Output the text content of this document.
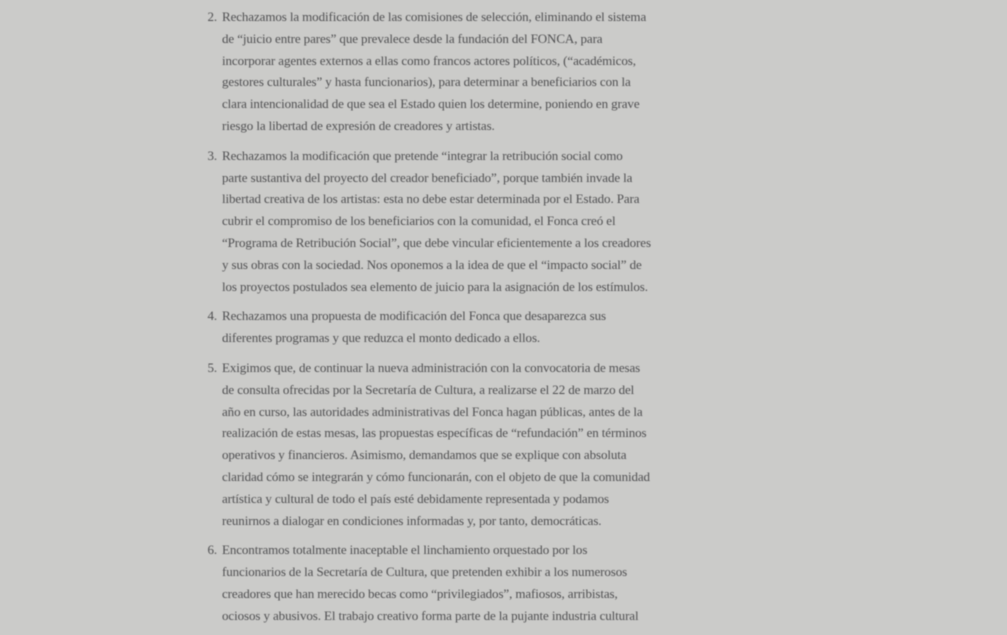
2. Rechazamos la modificación de las comisiones de selección, eliminando el sistema
de “juicio entre pares” que prevalece desde la fundación del FONCA, para
incorporar agentes externos a ellas como francos actores políticos, (“académicos,
gestores culturales” y hasta funcionarios), para determinar a beneficiarios con la
clara intencionalidad de que sea el Estado quien los determine, poniendo en grave
riesgo la libertad de expresión de creadores y artistas.
3. Rechazamos la modificación que pretende “integrar la retribución social como
parte sustantiva del proyecto del creador beneficiado”, porque también invade la
libertad creativa de los artistas: esta no debe estar determinada por el Estado. Para
cubrir el compromiso de los beneficiarios con la comunidad, el Fonca creó el
“Programa de Retribución Social”, que debe vincular eficientemente a los creadores
y sus obras con la sociedad. Nos oponemos a la idea de que el “impacto social” de
los proyectos postulados sea elemento de juicio para la asignación de los estímulos.
4. Rechazamos una propuesta de modificación del Fonca que desaparezca sus
diferentes programas y que reduzca el monto dedicado a ellos.
5. Exigimos que, de continuar la nueva administración con la convocatoria de mesas
de consulta ofrecidas por la Secretaría de Cultura, a realizarse el 22 de marzo del
año en curso, las autoridades administrativas del Fonca hagan públicas, antes de la
realización de estas mesas, las propuestas específicas de “refundación” en términos
operativos y financieros. Asimismo, demandamos que se explique con absoluta
claridad cómo se integrarán y cómo funcionarán, con el objeto de que la comunidad
artística y cultural de todo el país esté debidamente representada y podamos
reunirnos a dialogar en condiciones informadas y, por tanto, democráticas.
6. Encontramos totalmente inaceptable el linchamiento orquestado por los
funcionarios de la Secretaría de Cultura, que pretenden exhibir a los numerosos
creadores que han merecido becas como “privilegiados”, mafiosos, arribistas,
ociosos y abusivos. El trabajo creativo forma parte de la pujante industria cultural
